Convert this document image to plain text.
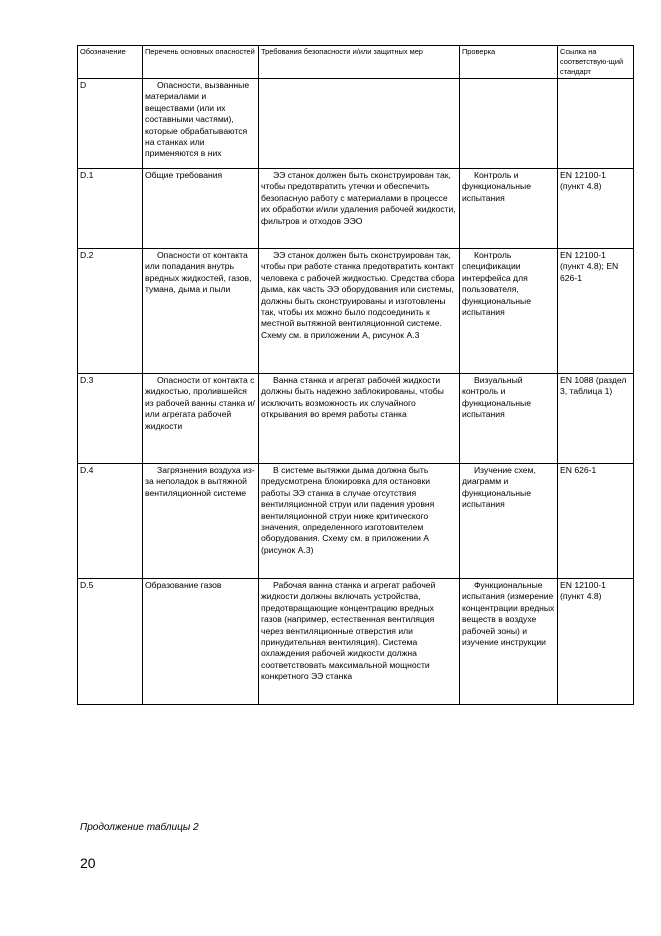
Обозначение	Перечень основных опасностей	Требования безопасности и/или защитных мер	Проверка	Ссылка на соответствую-щий стандарт
D	Опасности, вызванные материалами и веществами (или их составными частями), которые обрабатываются на станках или применяются в них			
D.1	Общие требования	ЭЭ станок должен быть сконструирован так, чтобы предотвратить утечки и обеспечить безопасную работу с материалами в процессе их обработки и/или удаления рабочей жидкости, фильтров и отходов ЭЭО	Контроль и функциональные испытания	EN 12100-1 (пункт 4.8)
D.2	Опасности от контакта или попадания внутрь вредных жидкостей, газов, тумана, дыма и пыли	ЭЭ станок должен быть сконструирован так, чтобы при работе станка предотвратить контакт человека с рабочей жидкостью. Средства сбора дыма, как часть ЭЭ оборудования или системы, должны быть сконструированы и изготовлены так, чтобы их можно было подсоединить к местной вытяжной вентиляционной системе. Схему см. в приложении А, рисунок А.3	Контроль спецификации интерфейса для пользователя, функциональные испытания	EN 12100-1 (пункт 4.8); EN 626-1
D.3	Опасности от контакта с жидкостью, пролившейся из рабочей ванны станка и/или агрегата рабочей жидкости	Ванна станка и агрегат рабочей жидкости должны быть надежно заблокированы, чтобы исключить возможность их случайного открывания во время работы станка	Визуальный контроль и функциональные испытания	EN 1088 (раздел 3, таблица 1)
D.4	Загрязнения воздуха из-за неполадок в вытяжной вентиляционной системе	В системе вытяжки дыма должна быть предусмотрена блокировка для остановки работы ЭЭ станка в случае отсутствия вентиляционной струи или падения уровня вентиляционной струи ниже критического значения, определенного изготовителем оборудования. Схему см. в приложении А (рисунок А.3)	Изучение схем, диаграмм и функциональные испытания	EN 626-1
D.5	Образование газов	Рабочая ванна станка и агрегат рабочей жидкости должны включать устройства, предотвращающие концентрацию вредных газов (например, естественная вентиляция через вентиляционные отверстия или принудительная вентиляция). Система охлаждения рабочей жидкости должна соответствовать максимальной мощности конкретного ЭЭ станка	Функциональные испытания (измерение концентрации вредных веществ в воздухе рабочей зоны) и изучение инструкции	EN 12100-1 (пункт 4.8)
Продолжение таблицы 2
20
